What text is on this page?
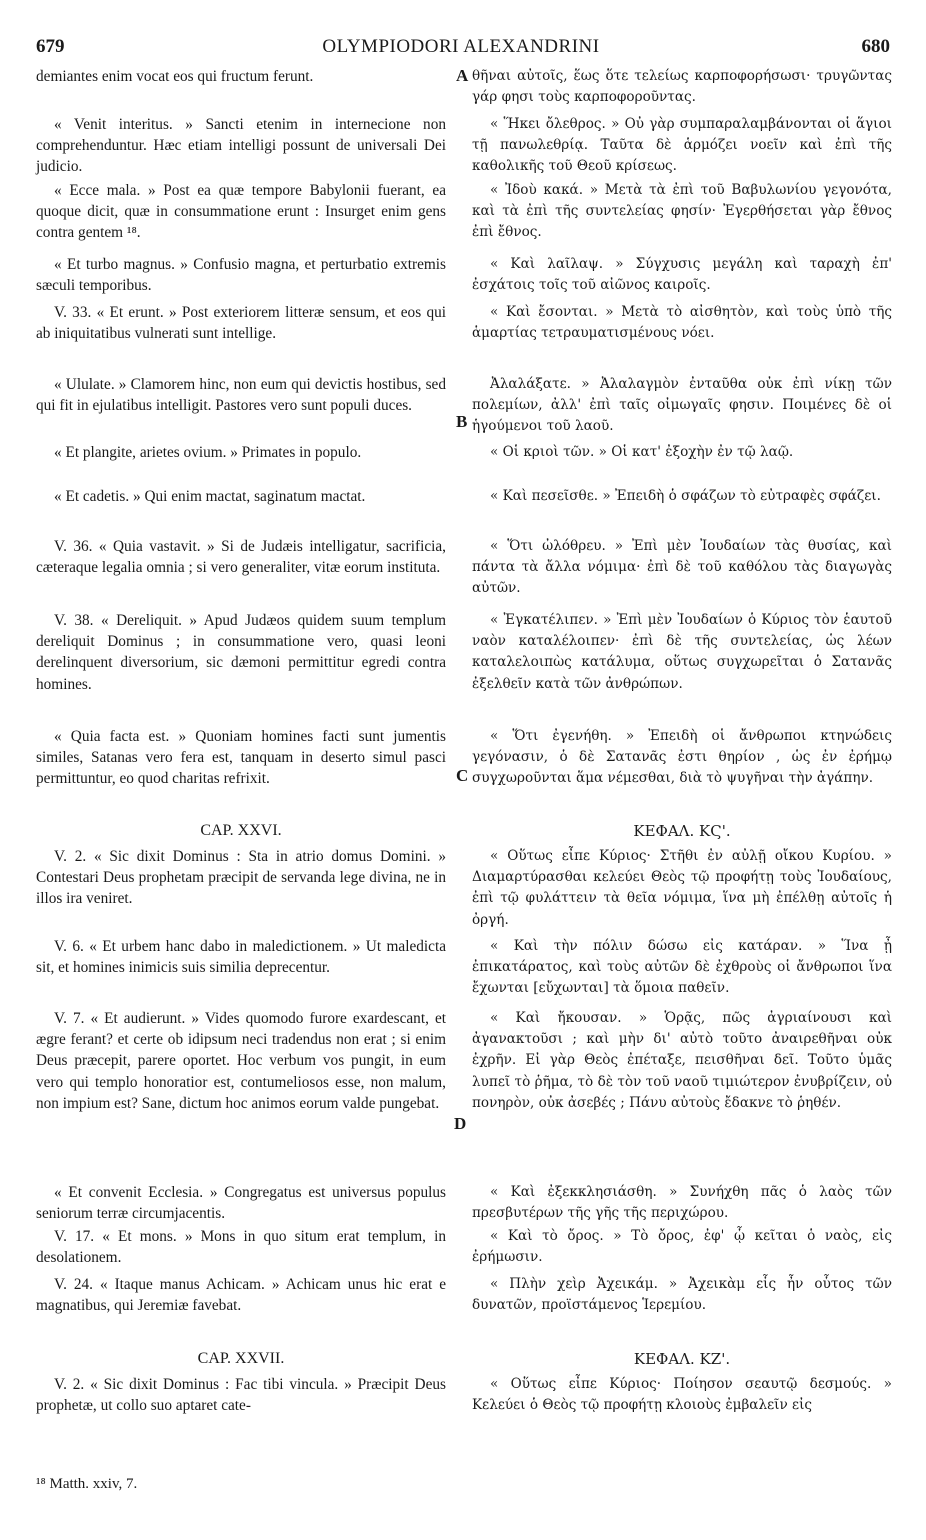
679	OLYMPIODORI ALEXANDRINI	680
demiantes enim vocat eos qui fructum ferunt.
« Venit interitus. » Sancti etenim in internecione non comprehenduntur. Hæc etiam intelligi possunt de universali Dei judicio.
« Ecce mala. » Post ea quæ tempore Babylonii fuerant, ea quoque dicit, quæ in consummatione erunt : Insurget enim gens contra gentem ¹⁸.
« Et turbo magnus. » Confusio magna, et perturbatio extremis sæculi temporibus.
V. 33. « Et erunt. » Post exteriorem litteræ sensum, et eos qui ab iniquitatibus vulnerati sunt intellige.
« Ululate. » Clamorem hinc, non eum qui devictis hostibus, sed qui fit in ejulatibus intelligit. Pastores vero sunt populi duces.
« Et plangite, arietes ovium. » Primates in populo.
« Et cadetis. » Qui enim mactat, saginatum mactat.
V. 36. « Quia vastavit. » Si de Judæis intelligatur, sacrificia, cæteraque legalia omnia ; si vero generaliter, vitæ eorum instituta.
V. 38. « Dereliquit. » Apud Judæos quidem suum templum dereliquit Dominus ; in consummatione vero, quasi leoni derelinquent diversorium, sic dæmoni permittitur egredi contra homines.
« Quia facta est. » Quoniam homines facti sunt jumentis similes, Satanas vero fera est, tanquam in deserto simul pasci permittuntur, eo quod charitas refrixit.
CAP. XXVI.
V. 2. « Sic dixit Dominus : Sta in atrio domus Domini. » Contestari Deus prophetam præcipit de servanda lege divina, ne in illos ira veniret.
V. 6. « Et urbem hanc dabo in maledictionem. » Ut maledicta sit, et homines inimicis suis similia deprecentur.
V. 7. « Et audierunt. » Vides quomodo furore exardescant, et ægre ferant? et certe ob idipsum neci tradendus non erat ; si enim Deus præcepit, parere oportet. Hoc verbum vos pungit, in eum vero qui templo honoratior est, contumeliosos esse, non malum, non impium est? Sane, dictum hoc animos eorum valde pungebat.
« Et convenit Ecclesia. » Congregatus est universus populus seniorum terræ circumjacentis.
V. 17. « Et mons. » Mons in quo situm erat templum, in desolationem.
V. 24. « Itaque manus Achicam. » Achicam unus hic erat e magnatibus, qui Jeremiæ favebat.
CAP. XXVII.
V. 2. « Sic dixit Dominus : Fac tibi vincula. » Præcipit Deus prophetæ, ut collo suo aptaret cate-
A
B
C
D
θῆναι αὐτοῖς, ἕως ὅτε τελείως καρποφορήσωσι· τρυγῶντας γάρ φησι τοὺς καρποφοροῦντας.
« Ἥκει ὄλεθρος. » Οὐ γὰρ συμπαραλαμβάνονται οἱ ἅγιοι τῇ πανωλεθρίᾳ. Ταῦτα δὲ ἁρμόζει νοεῖν καὶ ἐπὶ τῆς καθολικῆς τοῦ Θεοῦ κρίσεως.
« Ἰδοὺ κακά. » Μετὰ τὰ ἐπὶ τοῦ Βαβυλωνίου γεγονότα, καὶ τὰ ἐπὶ τῆς συντελείας φησίν· Ἐγερθήσεται γὰρ ἔθνος ἐπὶ ἔθνος.
« Καὶ λαῖλαψ. » Σύγχυσις μεγάλη καὶ ταραχὴ ἐπ' ἐσχάτοις τοῖς τοῦ αἰῶνος καιροῖς.
« Καὶ ἔσονται. » Μετὰ τὸ αἰσθητὸν, καὶ τοὺς ὑπὸ τῆς ἁμαρτίας τετραυματισμένους νόει.
Ἀλαλάξατε. » Ἀλαλαγμὸν ἐνταῦθα οὐκ ἐπὶ νίκῃ τῶν πολεμίων, ἀλλ' ἐπὶ ταῖς οἰμωγαῖς φησιν. Ποιμένες δὲ οἱ ἡγούμενοι τοῦ λαοῦ.
« Οἱ κριοὶ τῶν. » Οἱ κατ' ἐξοχὴν ἐν τῷ λαῷ.
« Καὶ πεσεῖσθε. » Ἐπειδὴ ὁ σφάζων τὸ εὐτραφὲς σφάζει.
« Ὅτι ὠλόθρευ. » Ἐπὶ μὲν Ἰουδαίων τὰς θυσίας, καὶ πάντα τὰ ἄλλα νόμιμα· ἐπὶ δὲ τοῦ καθόλου τὰς διαγωγὰς αὐτῶν.
« Ἐγκατέλιπεν. » Ἐπὶ μὲν Ἰουδαίων ὁ Κύριος τὸν ἑαυτοῦ ναὸν καταλέλοιπεν· ἐπὶ δὲ τῆς συντελείας, ὡς λέων καταλελοιπὼς κατάλυμα, οὕτως συγχωρεῖται ὁ Σατανᾶς ἐξελθεῖν κατὰ τῶν ἀνθρώπων.
« Ὅτι ἐγενήθη. » Ἐπειδὴ οἱ ἄνθρωποι κτηνώδεις γεγόνασιν, ὁ δὲ Σατανᾶς ἐστι θηρίον , ὡς ἐν ἐρήμῳ συγχωροῦνται ἅμα νέμεσθαι, διὰ τὸ ψυγῆναι τὴν ἀγάπην.
ΚΕΦΑΛ. ΚϚ'.
« Οὕτως εἶπε Κύριος· Στῆθι ἐν αὐλῇ οἴκου Κυρίου. » Διαμαρτύρασθαι κελεύει Θεὸς τῷ προφήτῃ τοὺς Ἰουδαίους, ἐπὶ τῷ φυλάττειν τὰ θεῖα νόμιμα, ἵνα μὴ ἐπέλθῃ αὐτοῖς ἡ ὀργή.
« Καὶ τὴν πόλιν δώσω εἰς κατάραν. » Ἵνα ᾖ ἐπικατάρατος, καὶ τοὺς αὐτῶν δὲ ἐχθροὺς οἱ ἄνθρωποι ἵνα ἔχωνται [εὔχωνται] τὰ ὅμοια παθεῖν.
« Καὶ ἤκουσαν. » Ὁρᾷς, πῶς ἀγριαίνουσι καὶ ἀγανακτοῦσι ; καὶ μὴν δι' αὐτὸ τοῦτο ἀναιρεθῆναι οὐκ ἐχρῆν. Εἰ γὰρ Θεὸς ἐπέταξε, πεισθῆναι δεῖ. Τοῦτο ὑμᾶς λυπεῖ τὸ ῥῆμα, τὸ δὲ τὸν τοῦ ναοῦ τιμιώτερον ἐνυβρίζειν, οὐ πονηρὸν, οὐκ ἀσεβές ; Πάνυ αὐτοὺς ἔδακνε τὸ ῥηθέν.
« Καὶ ἐξεκκλησιάσθη. » Συνήχθη πᾶς ὁ λαὸς τῶν πρεσβυτέρων τῆς γῆς τῆς περιχώρου.
« Καὶ τὸ ὄρος. » Τὸ ὄρος, ἐφ' ᾧ κεῖται ὁ ναὸς, εἰς ἐρήμωσιν.
« Πλὴν χεὶρ Ἀχεικάμ. » Ἀχεικὰμ εἷς ἦν οὗτος τῶν δυνατῶν, προϊστάμενος Ἱερεμίου.
ΚΕΦΑΛ. ΚΖ'.
« Οὕτως εἶπε Κύριος· Ποίησον σεαυτῷ δεσμούς. » Κελεύει ὁ Θεὸς τῷ προφήτῃ κλοιοὺς ἐμβαλεῖν εἰς
¹⁸ Matth. xxiv, 7.
